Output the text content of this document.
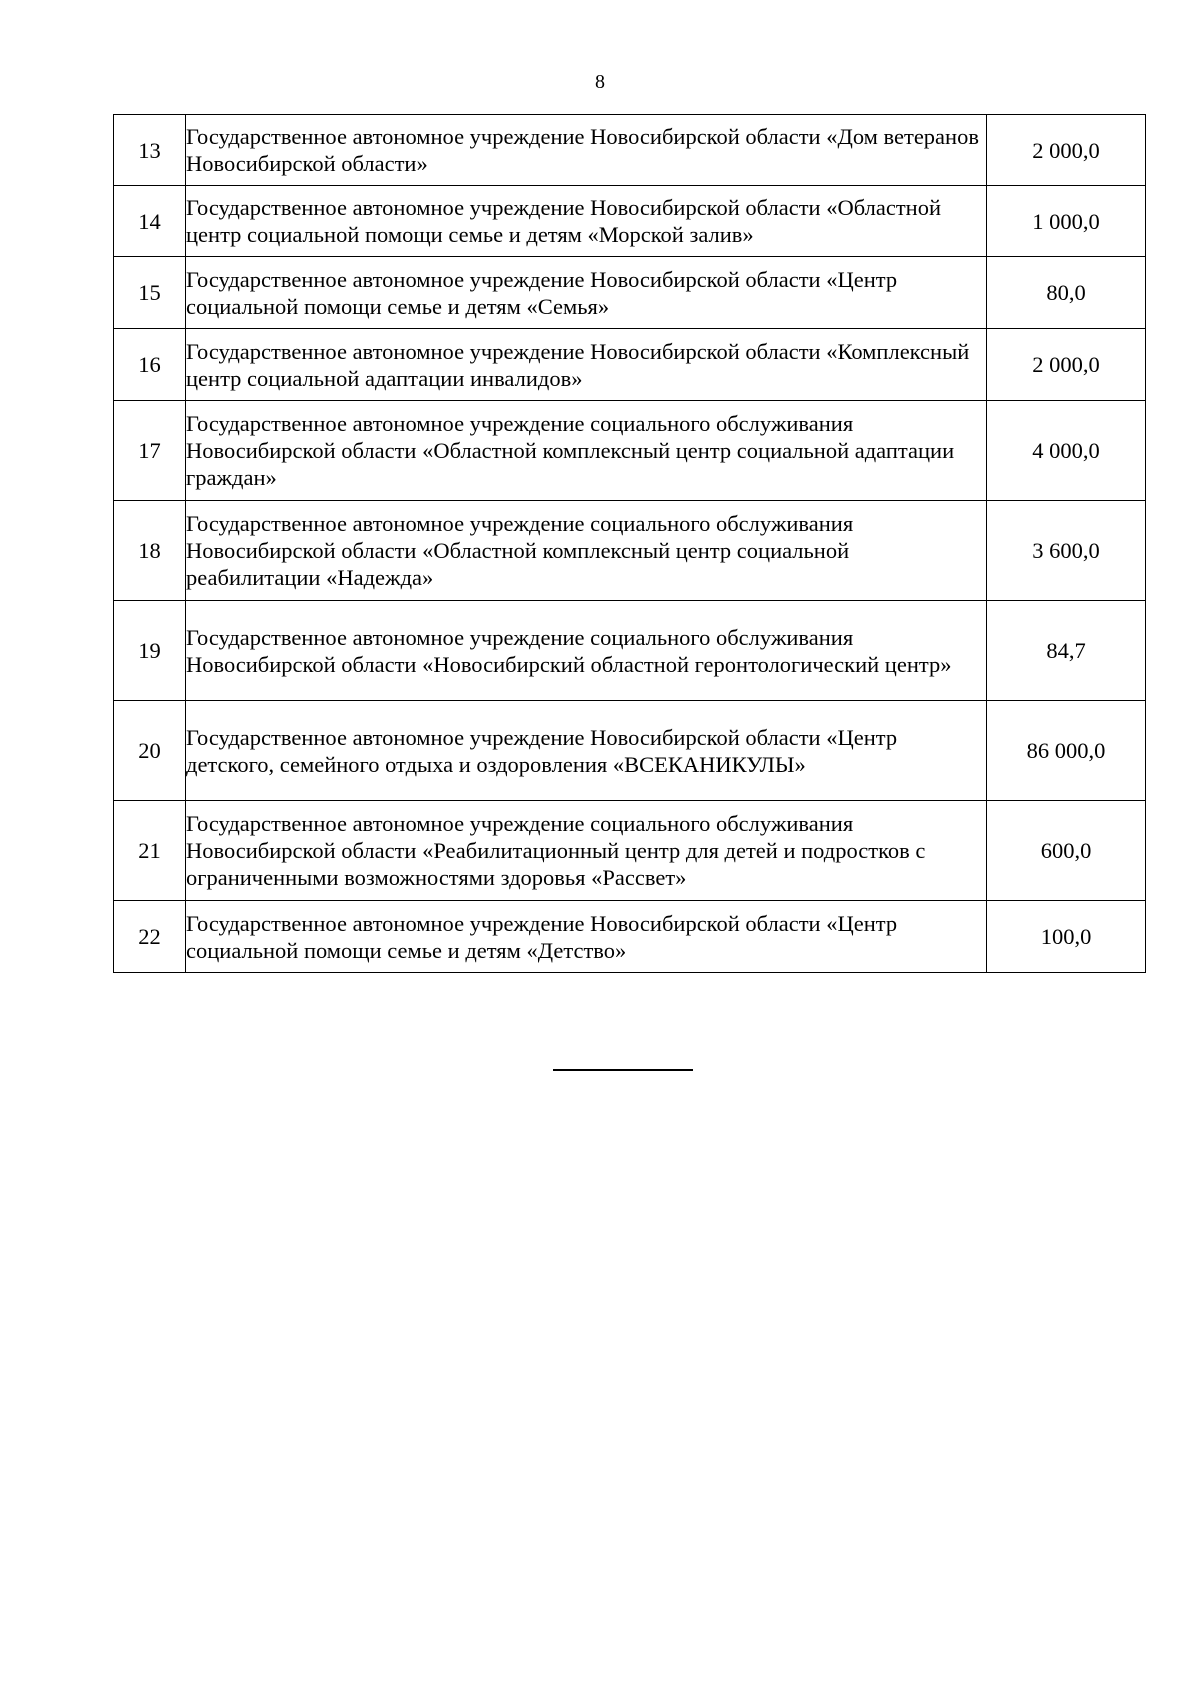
8
13	Государственное автономное учреждение Новосибирской области «Дом ветеранов Новосибирской области»	2 000,0
14	Государственное автономное учреждение Новосибирской области «Областной центр социальной помощи семье и детям «Морской залив»	1 000,0
15	Государственное автономное учреждение Новосибирской области «Центр социальной помощи семье и детям «Семья»	80,0
16	Государственное автономное учреждение Новосибирской области «Комплексный центр социальной адаптации инвалидов»	2 000,0
17	Государственное автономное учреждение социального обслуживания Новосибирской области «Областной комплексный центр социальной адаптации граждан»	4 000,0
18	Государственное автономное учреждение социального обслуживания Новосибирской области «Областной комплексный центр социальной реабилитации «Надежда»	3 600,0
19	Государственное автономное учреждение социального обслуживания Новосибирской области «Новосибирский областной геронтологический центр»	84,7
20	Государственное автономное учреждение Новосибирской области «Центр детского, семейного отдыха и оздоровления «ВСЕКАНИКУЛЫ»	86 000,0
21	Государственное автономное учреждение социального обслуживания Новосибирской области «Реабилитационный центр для детей и подростков с ограниченными возможностями здоровья «Рассвет»	600,0
22	Государственное автономное учреждение Новосибирской области «Центр социальной помощи семье и детям «Детство»	100,0
